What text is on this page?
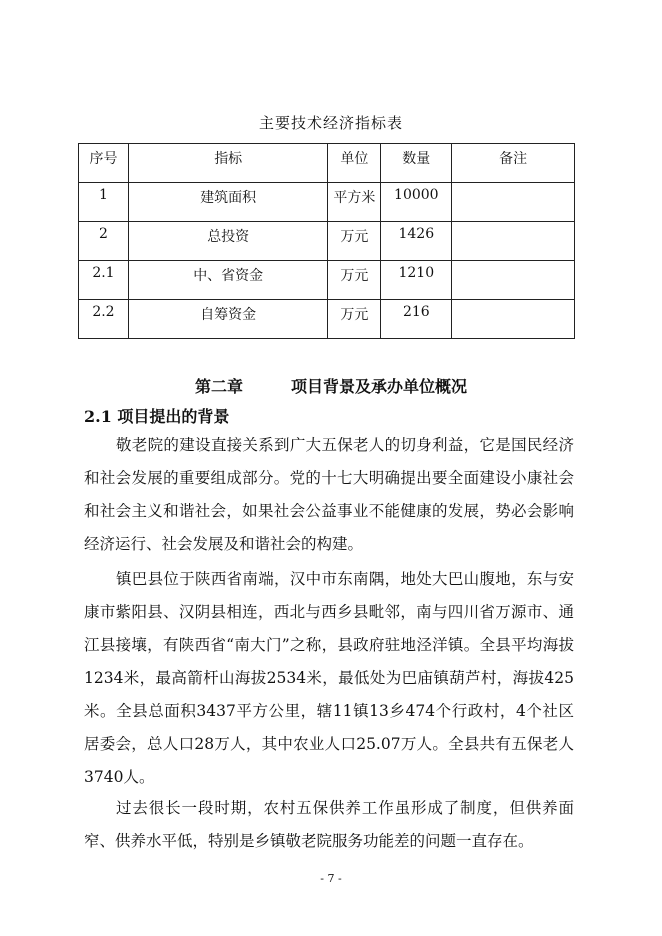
主要技术经济指标表
序号	指标	单位	数量	备注
1	建筑面积	平方米	10000	
2	总投资	万元	1426	
2.1	中、省资金	万元	1210	
2.2	自筹资金	万元	216	
第二章	项目背景及承办单位概况
2.1 项目提出的背景

敬老院的建设直接关系到广大五保老人的切身利益，它是国民经济和社会发展的重要组成部分。党的十七大明确提出要全面建设小康社会和社会主义和谐社会，如果社会公益事业不能健康的发展，势必会影响经济运行、社会发展及和谐社会的构建。

镇巴县位于陕西省南端，汉中市东南隅，地处大巴山腹地，东与安康市紫阳县、汉阴县相连，西北与西乡县毗邻，南与四川省万源市、通江县接壤，有陕西省“南大门”之称，县政府驻地泾洋镇。全县平均海拔1234米，最高箭杆山海拔2534米，最低处为巴庙镇葫芦村，海拔425米。全县总面积3437平方公里，辖11镇13乡474个行政村，4个社区居委会，总人口28万人，其中农业人口25.07万人。全县共有五保老人3740人。

过去很长一段时期，农村五保供养工作虽形成了制度，但供养面窄、供养水平低，特别是乡镇敬老院服务功能差的问题一直存在。

- 7 -
